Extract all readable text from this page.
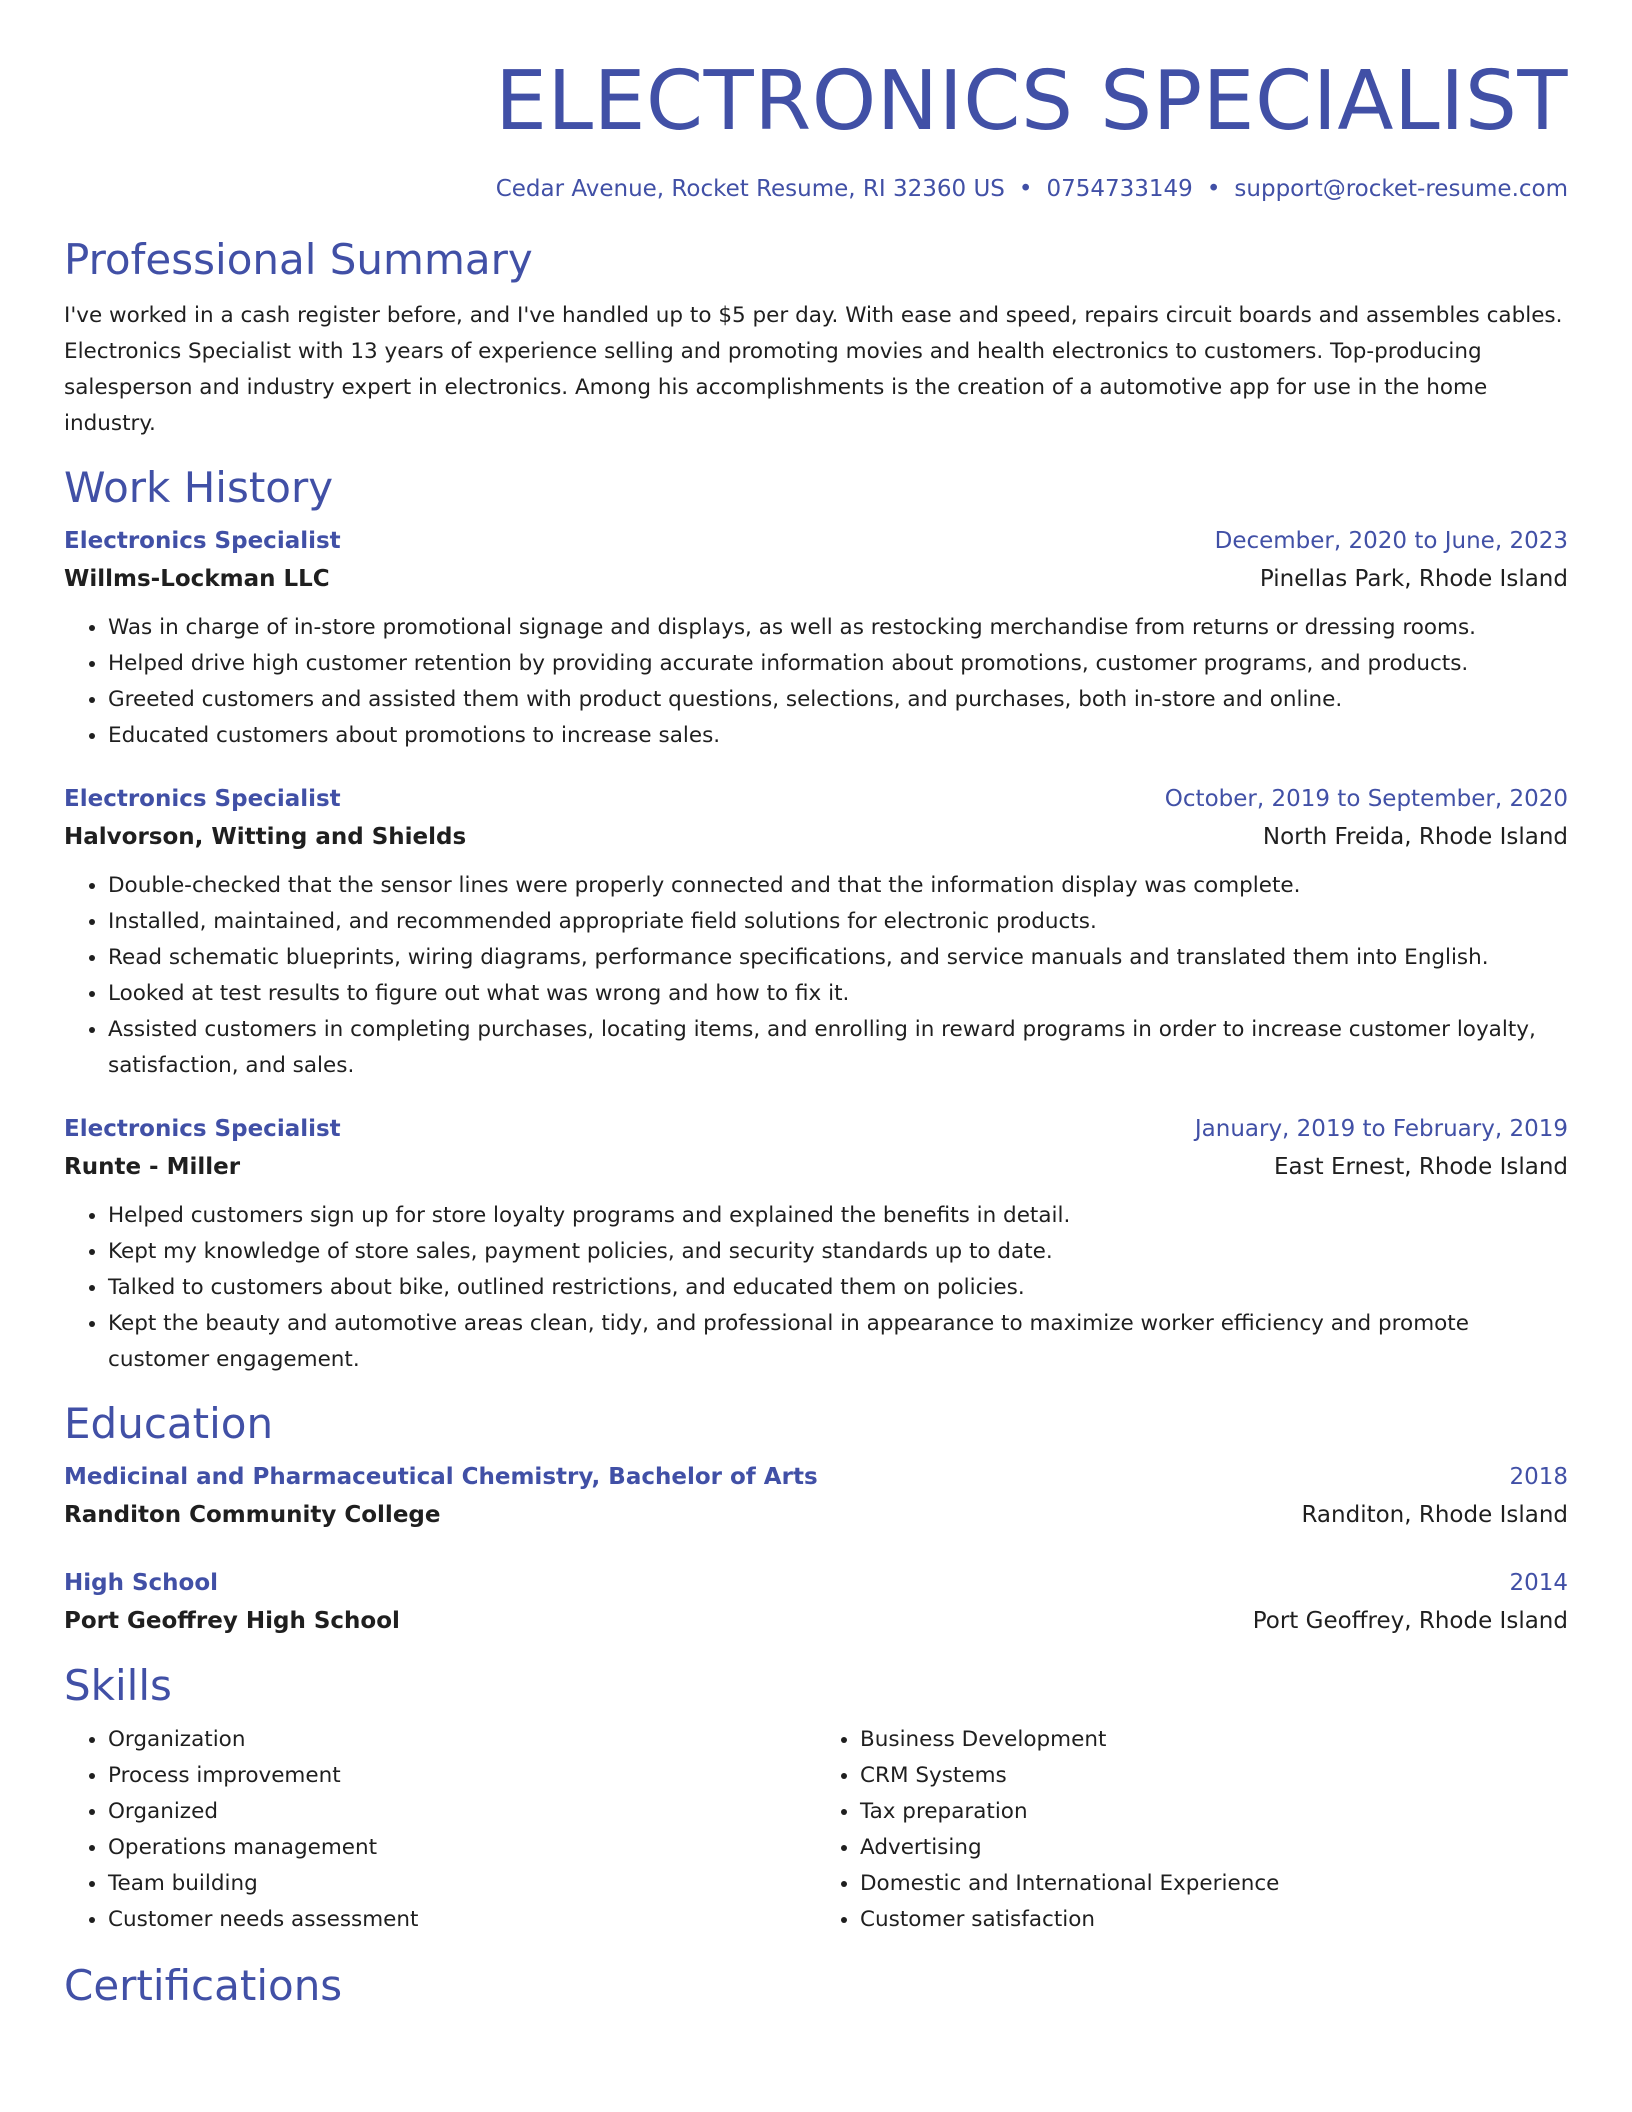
ELECTRONICS SPECIALIST
Cedar Avenue, Rocket Resume, RI 32360 US • 0754733149 • support@rocket-resume.com
Professional Summary

I've worked in a cash register before, and I've handled up to $5 per day. With ease and speed, repairs circuit boards and assembles cables. Electronics Specialist with 13 years of experience selling and promoting movies and health electronics to customers. Top-producing salesperson and industry expert in electronics. Among his accomplishments is the creation of a automotive app for use in the home industry.

Work History
Electronics Specialist	December, 2020 to June, 2023
Willms-Lockman LLC	Pinellas Park, Rhode Island
• Was in charge of in-store promotional signage and displays, as well as restocking merchandise from returns or dressing rooms.
• Helped drive high customer retention by providing accurate information about promotions, customer programs, and products.
• Greeted customers and assisted them with product questions, selections, and purchases, both in-store and online.
• Educated customers about promotions to increase sales.
Electronics Specialist	October, 2019 to September, 2020
Halvorson, Witting and Shields	North Freida, Rhode Island
• Double-checked that the sensor lines were properly connected and that the information display was complete.
• Installed, maintained, and recommended appropriate field solutions for electronic products.
• Read schematic blueprints, wiring diagrams, performance specifications, and service manuals and translated them into English.
• Looked at test results to figure out what was wrong and how to fix it.
• Assisted customers in completing purchases, locating items, and enrolling in reward programs in order to increase customer loyalty, satisfaction, and sales.
Electronics Specialist	January, 2019 to February, 2019
Runte - Miller	East Ernest, Rhode Island
• Helped customers sign up for store loyalty programs and explained the benefits in detail.
• Kept my knowledge of store sales, payment policies, and security standards up to date.
• Talked to customers about bike, outlined restrictions, and educated them on policies.
• Kept the beauty and automotive areas clean, tidy, and professional in appearance to maximize worker efficiency and promote customer engagement.
Education
Medicinal and Pharmaceutical Chemistry, Bachelor of Arts	2018
Randiton Community College	Randiton, Rhode Island
High School	2014
Port Geoffrey High School	Port Geoffrey, Rhode Island
Skills
• Organization
• Process improvement
• Organized
• Operations management
• Team building
• Customer needs assessment
• Business Development
• CRM Systems
• Tax preparation
• Advertising
• Domestic and International Experience
• Customer satisfaction
Certifications
